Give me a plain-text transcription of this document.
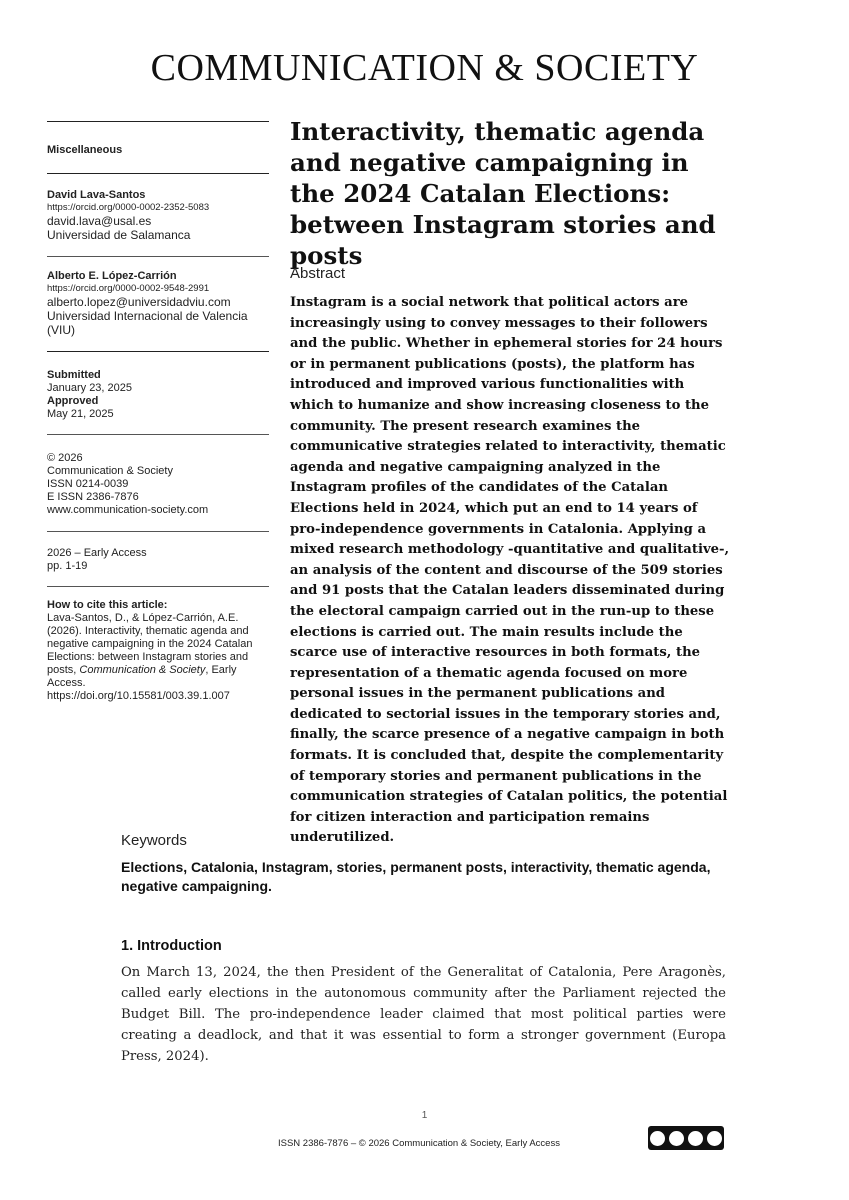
COMMUNICATION & SOCIETY
Miscellaneous
David Lava-Santos
https://orcid.org/0000-0002-2352-5083
david.lava@usal.es
Universidad de Salamanca
Alberto E. López-Carrión
https://orcid.org/0000-0002-9548-2991
alberto.lopez@universidadviu.com
Universidad Internacional de Valencia (VIU)
Submitted
January 23, 2025
Approved
May 21, 2025
© 2026
Communication & Society
ISSN 0214-0039
E ISSN 2386-7876
www.communication-society.com
2026 – Early Access
pp. 1-19
How to cite this article:
Lava-Santos, D., & López-Carrión, A.E. (2026). Interactivity, thematic agenda and negative campaigning in the 2024 Catalan Elections: between Instagram stories and posts, Communication & Society, Early Access.
https://doi.org/10.15581/003.39.1.007
Interactivity, thematic agenda and negative campaigning in the 2024 Catalan Elections: between Instagram stories and posts
Abstract
Instagram is a social network that political actors are increasingly using to convey messages to their followers and the public. Whether in ephemeral stories for 24 hours or in permanent publications (posts), the platform has introduced and improved various functionalities with which to humanize and show increasing closeness to the community. The present research examines the communicative strategies related to interactivity, thematic agenda and negative campaigning analyzed in the Instagram profiles of the candidates of the Catalan Elections held in 2024, which put an end to 14 years of pro-independence governments in Catalonia. Applying a mixed research methodology -quantitative and qualitative-, an analysis of the content and discourse of the 509 stories and 91 posts that the Catalan leaders disseminated during the electoral campaign carried out in the run-up to these elections is carried out. The main results include the scarce use of interactive resources in both formats, the representation of a thematic agenda focused on more personal issues in the permanent publications and dedicated to sectorial issues in the temporary stories and, finally, the scarce presence of a negative campaign in both formats. It is concluded that, despite the complementarity of temporary stories and permanent publications in the communication strategies of Catalan politics, the potential for citizen interaction and participation remains underutilized.
Keywords
Elections, Catalonia, Instagram, stories, permanent posts, interactivity, thematic agenda, negative campaigning.
1. Introduction
On March 13, 2024, the then President of the Generalitat of Catalonia, Pere Aragonès, called early elections in the autonomous community after the Parliament rejected the Budget Bill. The pro-independence leader claimed that most political parties were creating a deadlock, and that it was essential to form a stronger government (Europa Press, 2024).
1
ISSN 2386-7876 – © 2026 Communication & Society, Early Access
